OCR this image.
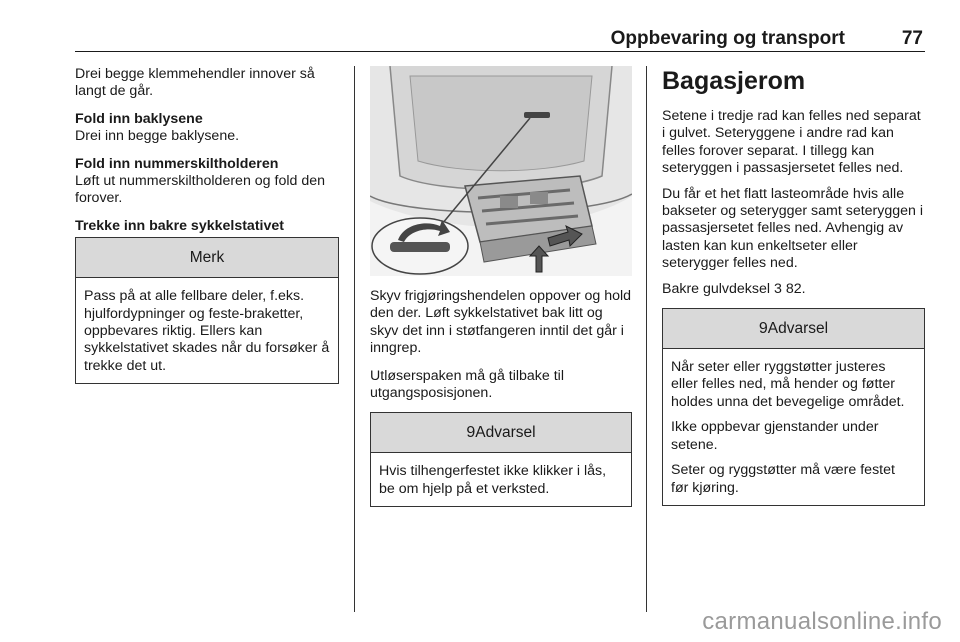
Oppbevaring og transport	77

Drei begge klemmehendler innover så langt de går.

Fold inn baklysene

Drei inn begge baklysene.

Fold inn nummerskiltholderen

Løft ut nummerskiltholderen og fold den forover.

Trekke inn bakre sykkelstativet

Merk

Pass på at alle fellbare deler, f.eks. hjulfordypninger og feste-braketter, oppbevares riktig. Ellers kan sykkelstativet skades når du forsøker å trekke det ut.

Skyv frigjøringshendelen oppover og hold den der. Løft sykkelstativet bak litt og skyv det inn i støtfangeren inntil det går i inngrep.

Utløserspaken må gå tilbake til utgangsposisjonen.

9Advarsel

Hvis tilhengerfestet ikke klikker i lås, be om hjelp på et verksted.

Bagasjerom

Setene i tredje rad kan felles ned separat i gulvet. Seteryggene i andre rad kan felles forover separat. I tillegg kan seteryggen i passasjersetet felles ned.

Du får et het flatt lasteområde hvis alle bakseter og seterygger samt seteryggen i passasjersetet felles ned. Avhengig av lasten kan kun enkeltseter eller seterygger felles ned.

Bakre gulvdeksel 3 82.

9Advarsel

Når seter eller ryggstøtter justeres eller felles ned, må hender og føtter holdes unna det bevegelige området.

Ikke oppbevar gjenstander under setene.

Seter og ryggstøtter må være festet før kjøring.

carmanualsonline.info
